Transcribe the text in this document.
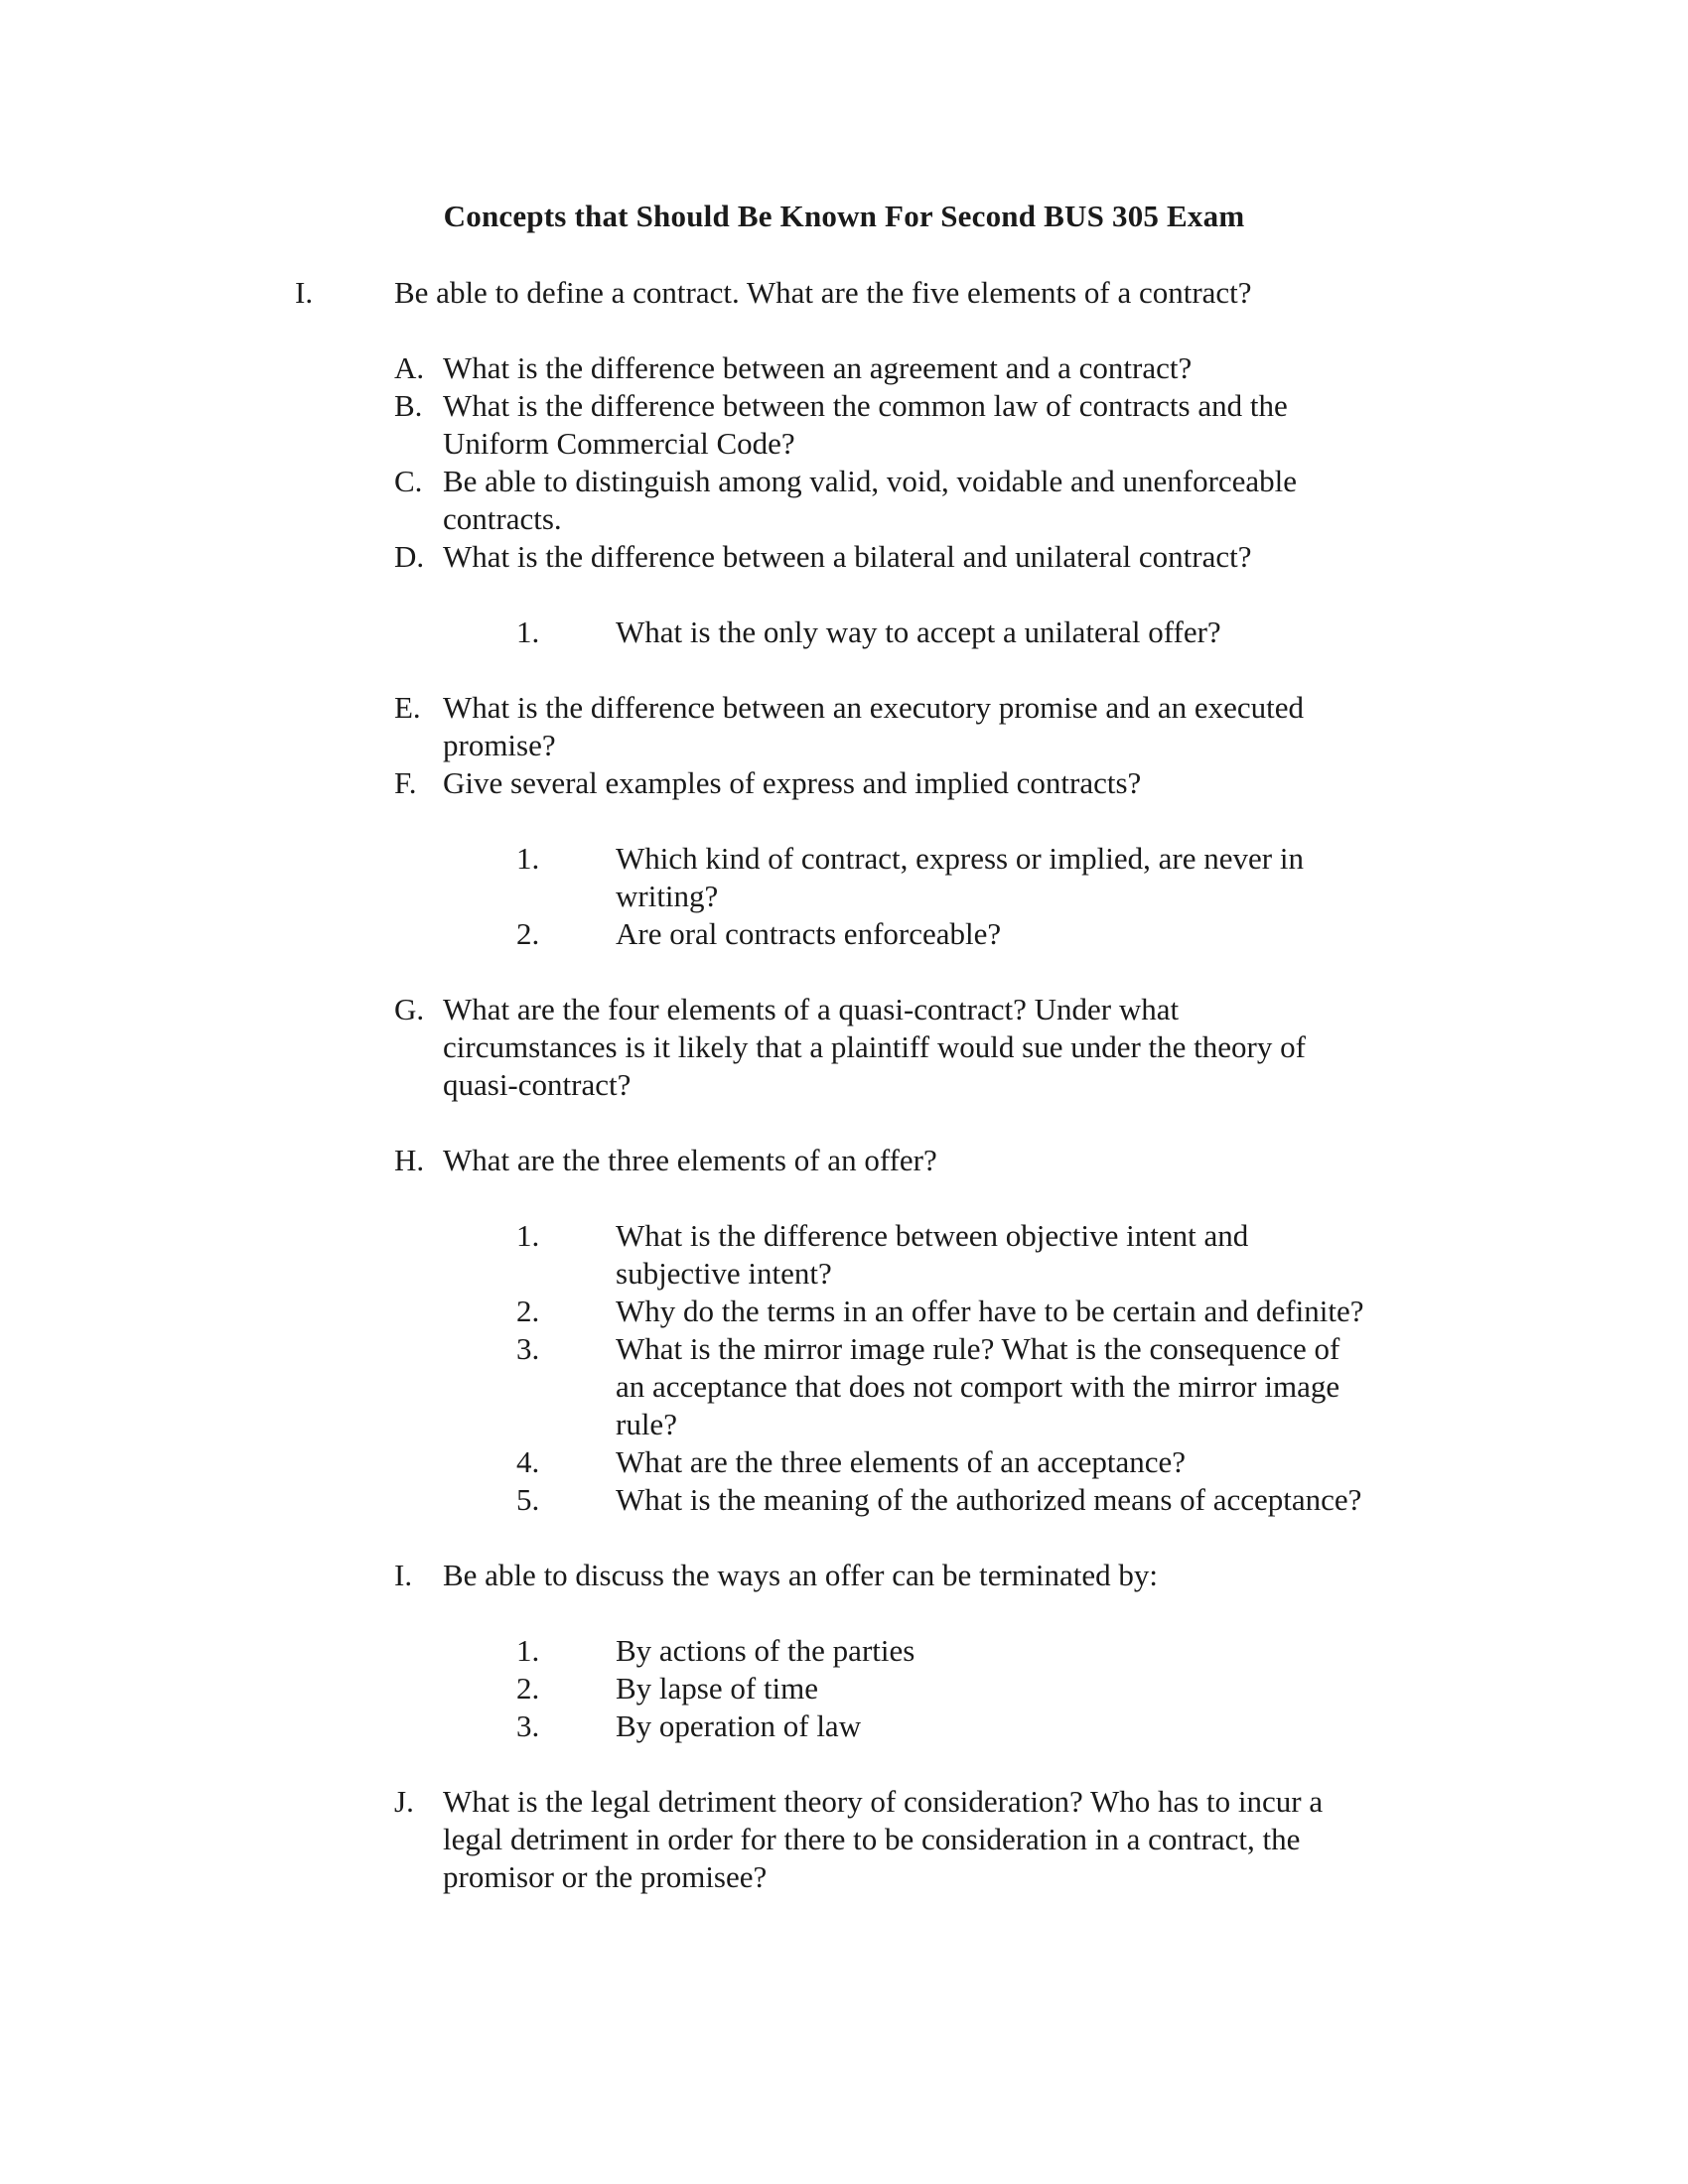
Concepts that Should Be Known For Second BUS 305 Exam
I.	Be able to define a contract. What are the five elements of a contract?
A. What is the difference between an agreement and a contract?
B. What is the difference between the common law of contracts and the
Uniform Commercial Code?
C. Be able to distinguish among valid, void, voidable and unenforceable
contracts.
D. What is the difference between a bilateral and unilateral contract?
1. What is the only way to accept a unilateral offer?
E. What is the difference between an executory promise and an executed
promise?
F. Give several examples of express and implied contracts?
1. Which kind of contract, express or implied, are never in
writing?
2. Are oral contracts enforceable?
G. What are the four elements of a quasi-contract? Under what
circumstances is it likely that a plaintiff would sue under the theory of
quasi-contract?
H. What are the three elements of an offer?
1. What is the difference between objective intent and
subjective intent?
2. Why do the terms in an offer have to be certain and definite?
3. What is the mirror image rule? What is the consequence of
an acceptance that does not comport with the mirror image
rule?
4. What are the three elements of an acceptance?
5. What is the meaning of the authorized means of acceptance?
I. Be able to discuss the ways an offer can be terminated by:
1. By actions of the parties
2. By lapse of time
3. By operation of law
J. What is the legal detriment theory of consideration? Who has to incur a
legal detriment in order for there to be consideration in a contract, the
promisor or the promisee?
